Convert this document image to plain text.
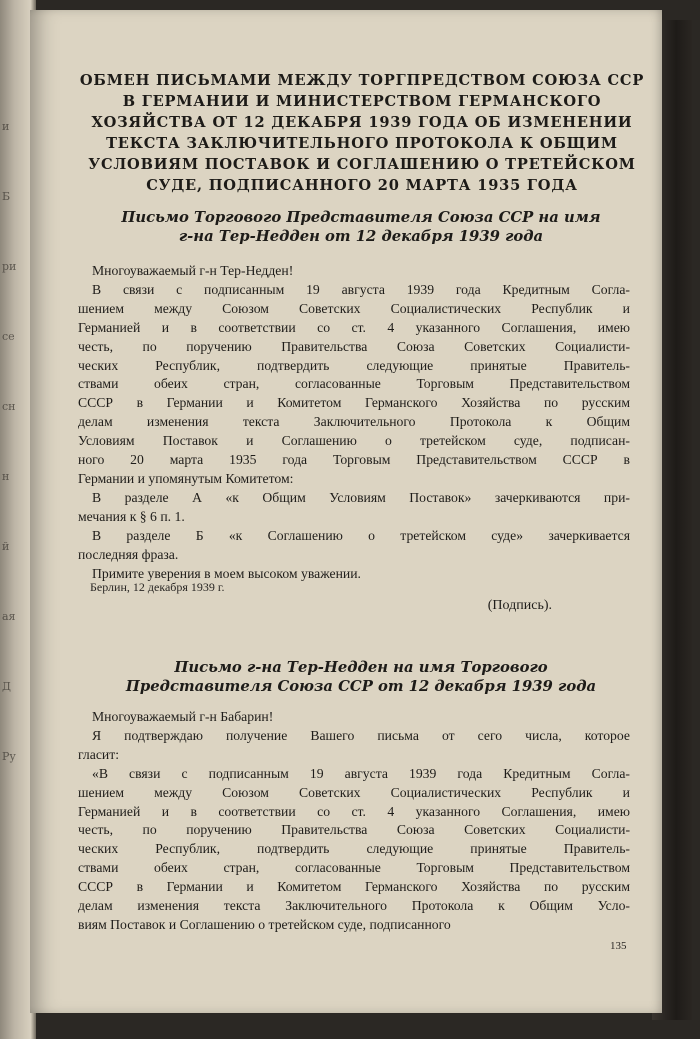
и
Б
ри
се
сн
н
й
ая
Д
Ру
ОБМЕН ПИСЬМАМИ МЕЖДУ ТОРГПРЕДСТВОМ СОЮЗА ССР
В ГЕРМАНИИ И МИНИСТЕРСТВОМ ГЕРМАНСКОГО
ХОЗЯЙСТВА ОТ 12 ДЕКАБРЯ 1939 ГОДА ОБ ИЗМЕНЕНИИ
ТЕКСТА ЗАКЛЮЧИТЕЛЬНОГО ПРОТОКОЛА К ОБЩИМ
УСЛОВИЯМ ПОСТАВОК И СОГЛАШЕНИЮ О ТРЕТЕЙСКОМ
СУДЕ, ПОДПИСАННОГО 20 МАРТА 1935 ГОДА
Письмо Торгового Представителя Союза ССР на имя
г-на Тер-Недден от 12 декабря 1939 года

Многоуважаемый г-н Тер-Недден!

В связи с подписанным 19 августа 1939 года Кредитным Согла-
шением между Союзом Советских Социалистических Республик и
Германией и в соответствии со ст. 4 указанного Соглашения, имею
честь, по поручению Правительства Союза Советских Социалисти-
ческих Республик, подтвердить следующие принятые Правитель-
ствами обеих стран, согласованные Торговым Представительством
СССР в Германии и Комитетом Германского Хозяйства по русским
делам изменения текста Заключительного Протокола к Общим
Условиям Поставок и Соглашению о третейском суде, подписан-
ного 20 марта 1935 года Торговым Представительством СССР в
Германии и упомянутым Комитетом:

В разделе А «к Общим Условиям Поставок» зачеркиваются при-
мечания к § 6 п. 1.

В разделе Б «к Соглашению о третейском суде» зачеркивается
последняя фраза.

Примите уверения в моем высоком уважении.

Берлин, 12 декабря 1939 г.
(Подпись).
Письмо г-на Тер-Недден на имя Торгового
Представителя Союза ССР от 12 декабря 1939 года

Многоуважаемый г-н Бабарин!

Я подтверждаю получение Вашего письма от сего числа, которое
гласит:

«В связи с подписанным 19 августа 1939 года Кредитным Согла-
шением между Союзом Советских Социалистических Республик и
Германией и в соответствии со ст. 4 указанного Соглашения, имею
честь, по поручению Правительства Союза Советских Социалисти-
ческих Республик, подтвердить следующие принятые Правитель-
ствами обеих стран, согласованные Торговым Представительством
СССР в Германии и Комитетом Германского Хозяйства по русским
делам изменения текста Заключительного Протокола к Общим Усло-
виям Поставок и Соглашению о третейском суде, подписанного

135
